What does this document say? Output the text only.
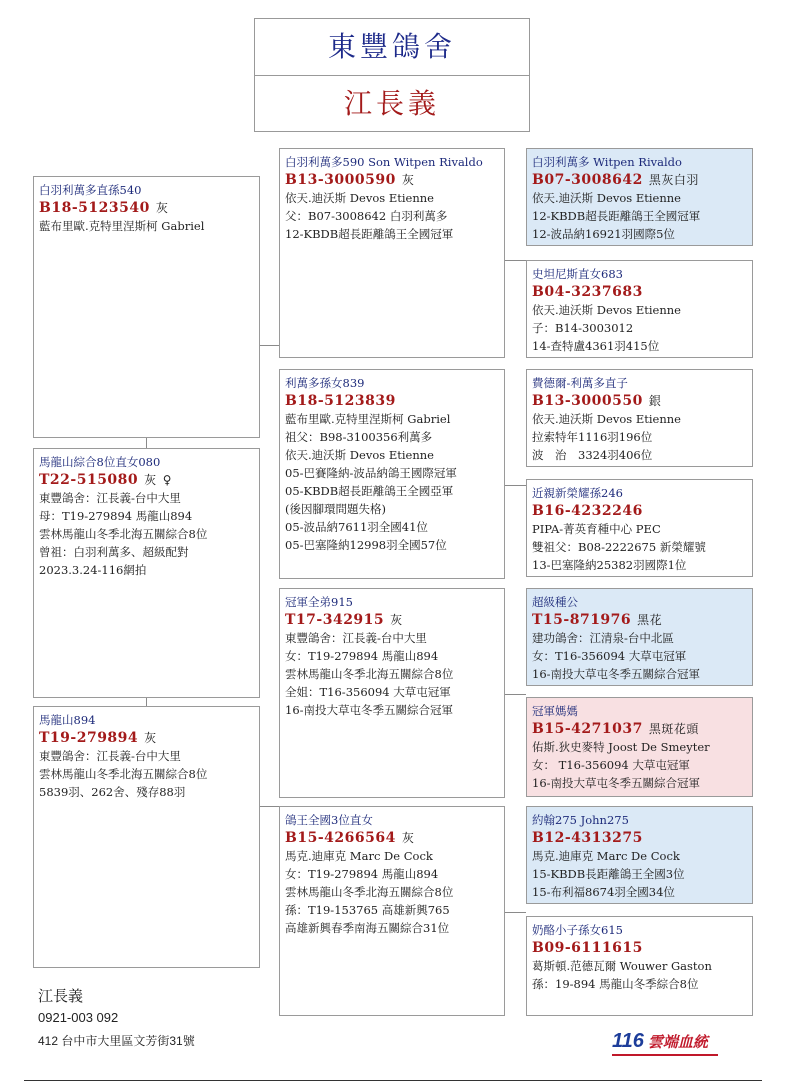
東豐鴿舍
江長義
白羽利萬多直孫540
B18-5123540 灰
藍布里歐.克特里涅斯柯 Gabriel
馬龍山綜合8位直女080
T22-515080 灰 ♀
東豐鴿舍：江長義-台中大里
母：T19-279894 馬龍山894
雲林馬龍山冬季北海五關綜合8位
曾祖：白羽利萬多、超級配對
2023.3.24-116網拍
馬龍山894
T19-279894 灰
東豐鴿舍：江長義-台中大里
雲林馬龍山冬季北海五關綜合8位
5839羽、262舍、殘存88羽
白羽利萬多590 Son Witpen Rivaldo
B13-3000590 灰
依天.迪沃斯 Devos Etienne
父：B07-3008642 白羽利萬多
12-KBDB超長距離鴿王全國冠軍
利萬多孫女839
B18-5123839
藍布里歐.克特里涅斯柯 Gabriel
祖父：B98-3100356利萬多
依天.迪沃斯 Devos Etienne
05-巴賽隆納-波品納鴿王國際冠軍
05-KBDB超長距離鴿王全國亞軍
(後因腳環問題失格)
05-波品納7611羽全國41位
05-巴塞隆納12998羽全國57位
冠軍全弟915
T17-342915 灰
東豐鴿舍：江長義-台中大里
女：T19-279894 馬龍山894
雲林馬龍山冬季北海五關綜合8位
全姐：T16-356094 大草屯冠軍
16-南投大草屯冬季五關綜合冠軍
鴿王全國3位直女
B15-4266564 灰
馬克.迪庫克 Marc De Cock
女：T19-279894 馬龍山894
雲林馬龍山冬季北海五關綜合8位
孫：T19-153765 高雄新興765
高雄新興春季南海五關綜合31位
白羽利萬多 Witpen Rivaldo
B07-3008642 黑灰白羽
依天.迪沃斯 Devos Etienne
12-KBDB超長距離鴿王全國冠軍
12-波品納16921羽國際5位
史坦尼斯直女683
B04-3237683
依天.迪沃斯 Devos Etienne
子：B14-3003012
14-查特盧4361羽415位
費德爾-利萬多直子
B13-3000550 銀
依天.迪沃斯 Devos Etienne
拉索特年1116羽196位
波　治　3324羽406位
近親新榮耀孫246
B16-4232246
PIPA-菁英育種中心 PEC
雙祖父：B08-2222675 新榮耀號
13-巴塞隆納25382羽國際1位
超級種公
T15-871976 黑花
建功鴿舍：江清泉-台中北區
女：T16-356094 大草屯冠軍
16-南投大草屯冬季五關綜合冠軍
冠軍媽媽
B15-4271037 黑斑花頭
佑斯.狄史麥特 Joost De Smeyter
女： T16-356094 大草屯冠軍
16-南投大草屯冬季五關綜合冠軍
約翰275 John275
B12-4313275
馬克.迪庫克 Marc De Cock
15-KBDB長距離鴿王全國3位
15-布利福8674羽全國34位
奶酪小子孫女615
B09-6111615
葛斯頓.范德瓦爾 Wouwer Gaston
孫：19-894 馬龍山冬季綜合8位
江長義
0921-003 092
412 台中市大里區文芳街31號	116 雲端血統
